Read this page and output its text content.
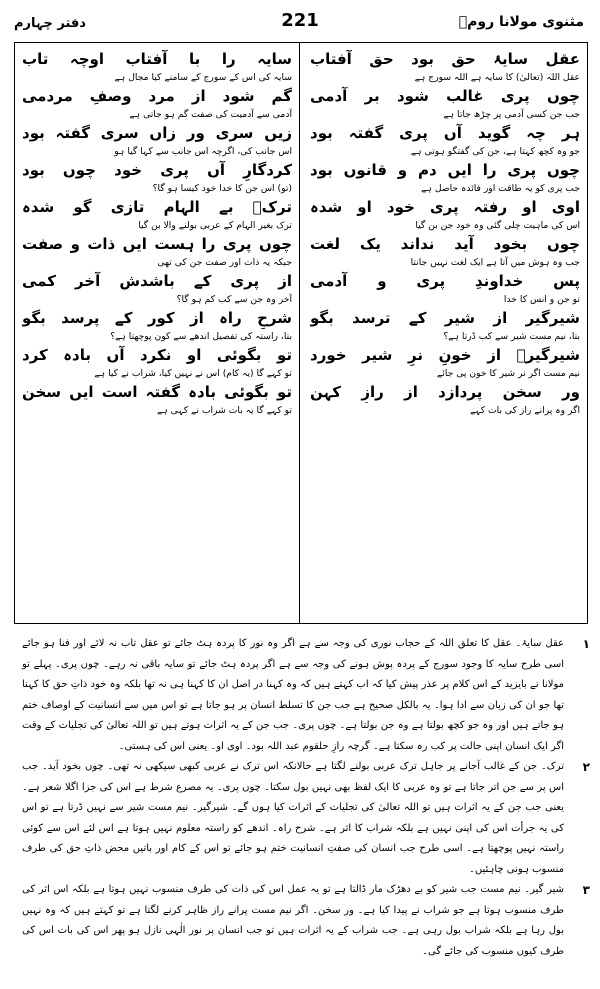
دفتر چہارم	221	مثنوی مولانا رومؒ
عقل سایۂ حق بود حق آفتاب
عقل اللہ (تعالیٰ) کا سایہ ہے اللہ سورج ہے
چوں پری غالب شود بر آدمی
جب جن کسی آدمی پر چڑھ جاتا ہے
ہر چہ گوید آں پری گفتہ بود
جو وہ کچھ کہتا ہے، جن کی گفتگو ہوتی ہے
چوں پری را ایں دم و قانوں بود
جب پری کو یہ طاقت اور فائدہ حاصل ہے
اوی او رفتہ پری خود او شدہ
اس کی ماہیت چلی گئی وہ خود جن بن گیا
چوں بخود آید نداند یک لغت
جب وہ ہوش میں آتا ہے ایک لغت نہیں جانتا
پس خداوندِ پری و آدمی
تو جن و انس کا خدا
شیرگیر از شیر کے ترسد بگو
بتا، نیم مست شیر سے کب ڈرتا ہے؟
شیرگیرؒ از خونِ نرِ شیر خورد
نیم مست اگر نر شیر کا خون پی جائے
ور سخن پردازد از رازِ کہن
اگر وہ پرانے راز کی بات کہے
سایہ را با آفتاب اوچہ تاب
سایہ کی اس کے سورج کے سامنے کیا مجال ہے
گم شود از مرد وصفِ مردمی
آدمی سے آدمیت کی صفت گم ہو جاتی ہے
زیں سری ور زاں سری گفتہ بود
اس جانب کی، اگرچہ اس جانب سے کہا گیا ہو
کردگارِ آں پری خود چوں بود
(تو) اس جن کا خدا خود کیسا ہو گا؟
ترکؒ بے الہام تازی گو شدہ
ترک بغیر الہام کے عربی بولنے والا بن گیا
چوں پری را ہست ایں ذات و صفت
جبکہ یہ ذات اور صفت جن کی تھی
از پری کے باشدش آخر کمی
آخر وہ جن سے کب کم ہو گا؟
شرحِ راہ از کور کے پرسد بگو
بتا، راستہ کی تفصیل اندھے سے کون پوچھتا ہے؟
تو بگوئی او نکرد آں بادہ کرد
تو کہے گا (یہ کام) اس نے نہیں کیا، شراب نے کیا ہے
تو بگوئی بادہ گفتہ است ایں سخن
تو کہے گا یہ بات شراب نے کہی ہے
۱
عقل سایۂ۔ عقل کا تعلق اللہ کے حجاب نوری کی وجہ سے ہے اگر وہ نور کا پردہ ہٹ جائے تو عقل تاب نہ لائے اور فنا ہو جائے اسی طرح سایہ کا وجود سورج کے پردہ پوش ہونے کی وجہ سے ہے اگر پردہ ہٹ جائے تو سایہ باقی نہ رہے۔ چوں پری۔ پہلے تو مولانا نے بایزید کے اس کلام پر عذر پیش کیا کہ اب کہتے ہیں کہ وہ کہنا در اصل ان کا کہنا ہی نہ تھا بلکہ وہ خود ذاتِ حق کا کہنا تھا جو ان کی زبان سے ادا ہوا۔ یہ بالکل صحیح ہے جب جن کا تسلط انسان پر ہو جاتا ہے تو اس میں سے انسانیت کے اوصاف ختم ہو جاتے ہیں اور وہ جو کچھ بولتا ہے وہ جن بولتا ہے۔ چوں پری۔ جب جن کے یہ اثرات ہوتے ہیں تو اللہ تعالیٰ کی تجلیات کے وقت اگر ایک انسان اپنی حالت پر کب رہ سکتا ہے۔ گرچہ رازِ حلقوم عبد اللہ بود۔ اوی او۔ یعنی اس کی ہستی۔
۲
ترک۔ جن کے غالب آجانے پر جاہل ترک عربی بولنے لگتا ہے حالانکہ اس ترک نے عربی کبھی سیکھی نہ تھی۔ چوں بخود آید۔ جب اس پر سے جن اتر جاتا ہے تو وہ عربی کا ایک لفظ بھی نہیں بول سکتا۔ چوں پری۔ یہ مصرع شرط ہے اس کی جزا اگلا شعر ہے۔ یعنی جب جن کے یہ اثرات ہیں تو اللہ تعالیٰ کی تجلیات کے اثرات کیا ہوں گے۔ شیرگیر۔ نیم مست شیر سے نہیں ڈرتا ہے تو اس کی یہ جرأت اس کی اپنی نہیں ہے بلکہ شراب کا اثر ہے۔ شرح راہ۔ اندھے کو راستہ معلوم نہیں ہوتا ہے اس لئے اس سے کوئی راستہ نہیں پوچھتا ہے۔ اسی طرح جب انسان کی صفتِ انسانیت ختم ہو جائے تو اس کے کام اور باتیں محض ذاتِ حق کی طرف منسوب ہونی چاہئیں۔
۳
شیر گیر۔ نیم مست جب شیر کو بے دھڑک مار ڈالتا ہے تو یہ عمل اس کی ذات کی طرف منسوب نہیں ہوتا ہے بلکہ اس اثر کی طرف منسوب ہوتا ہے جو شراب نے پیدا کیا ہے۔ ور سخن۔ اگر نیم مست پرانے راز ظاہر کرنے لگتا ہے تو کہتے ہیں کہ وہ نہیں بول رہا ہے بلکہ شراب بول رہی ہے۔ جب شراب کے یہ اثرات ہیں تو جب انسان پر نور الٰہی نازل ہو پھر اس کی بات اس کی طرف کیوں منسوب کی جائے گی۔
